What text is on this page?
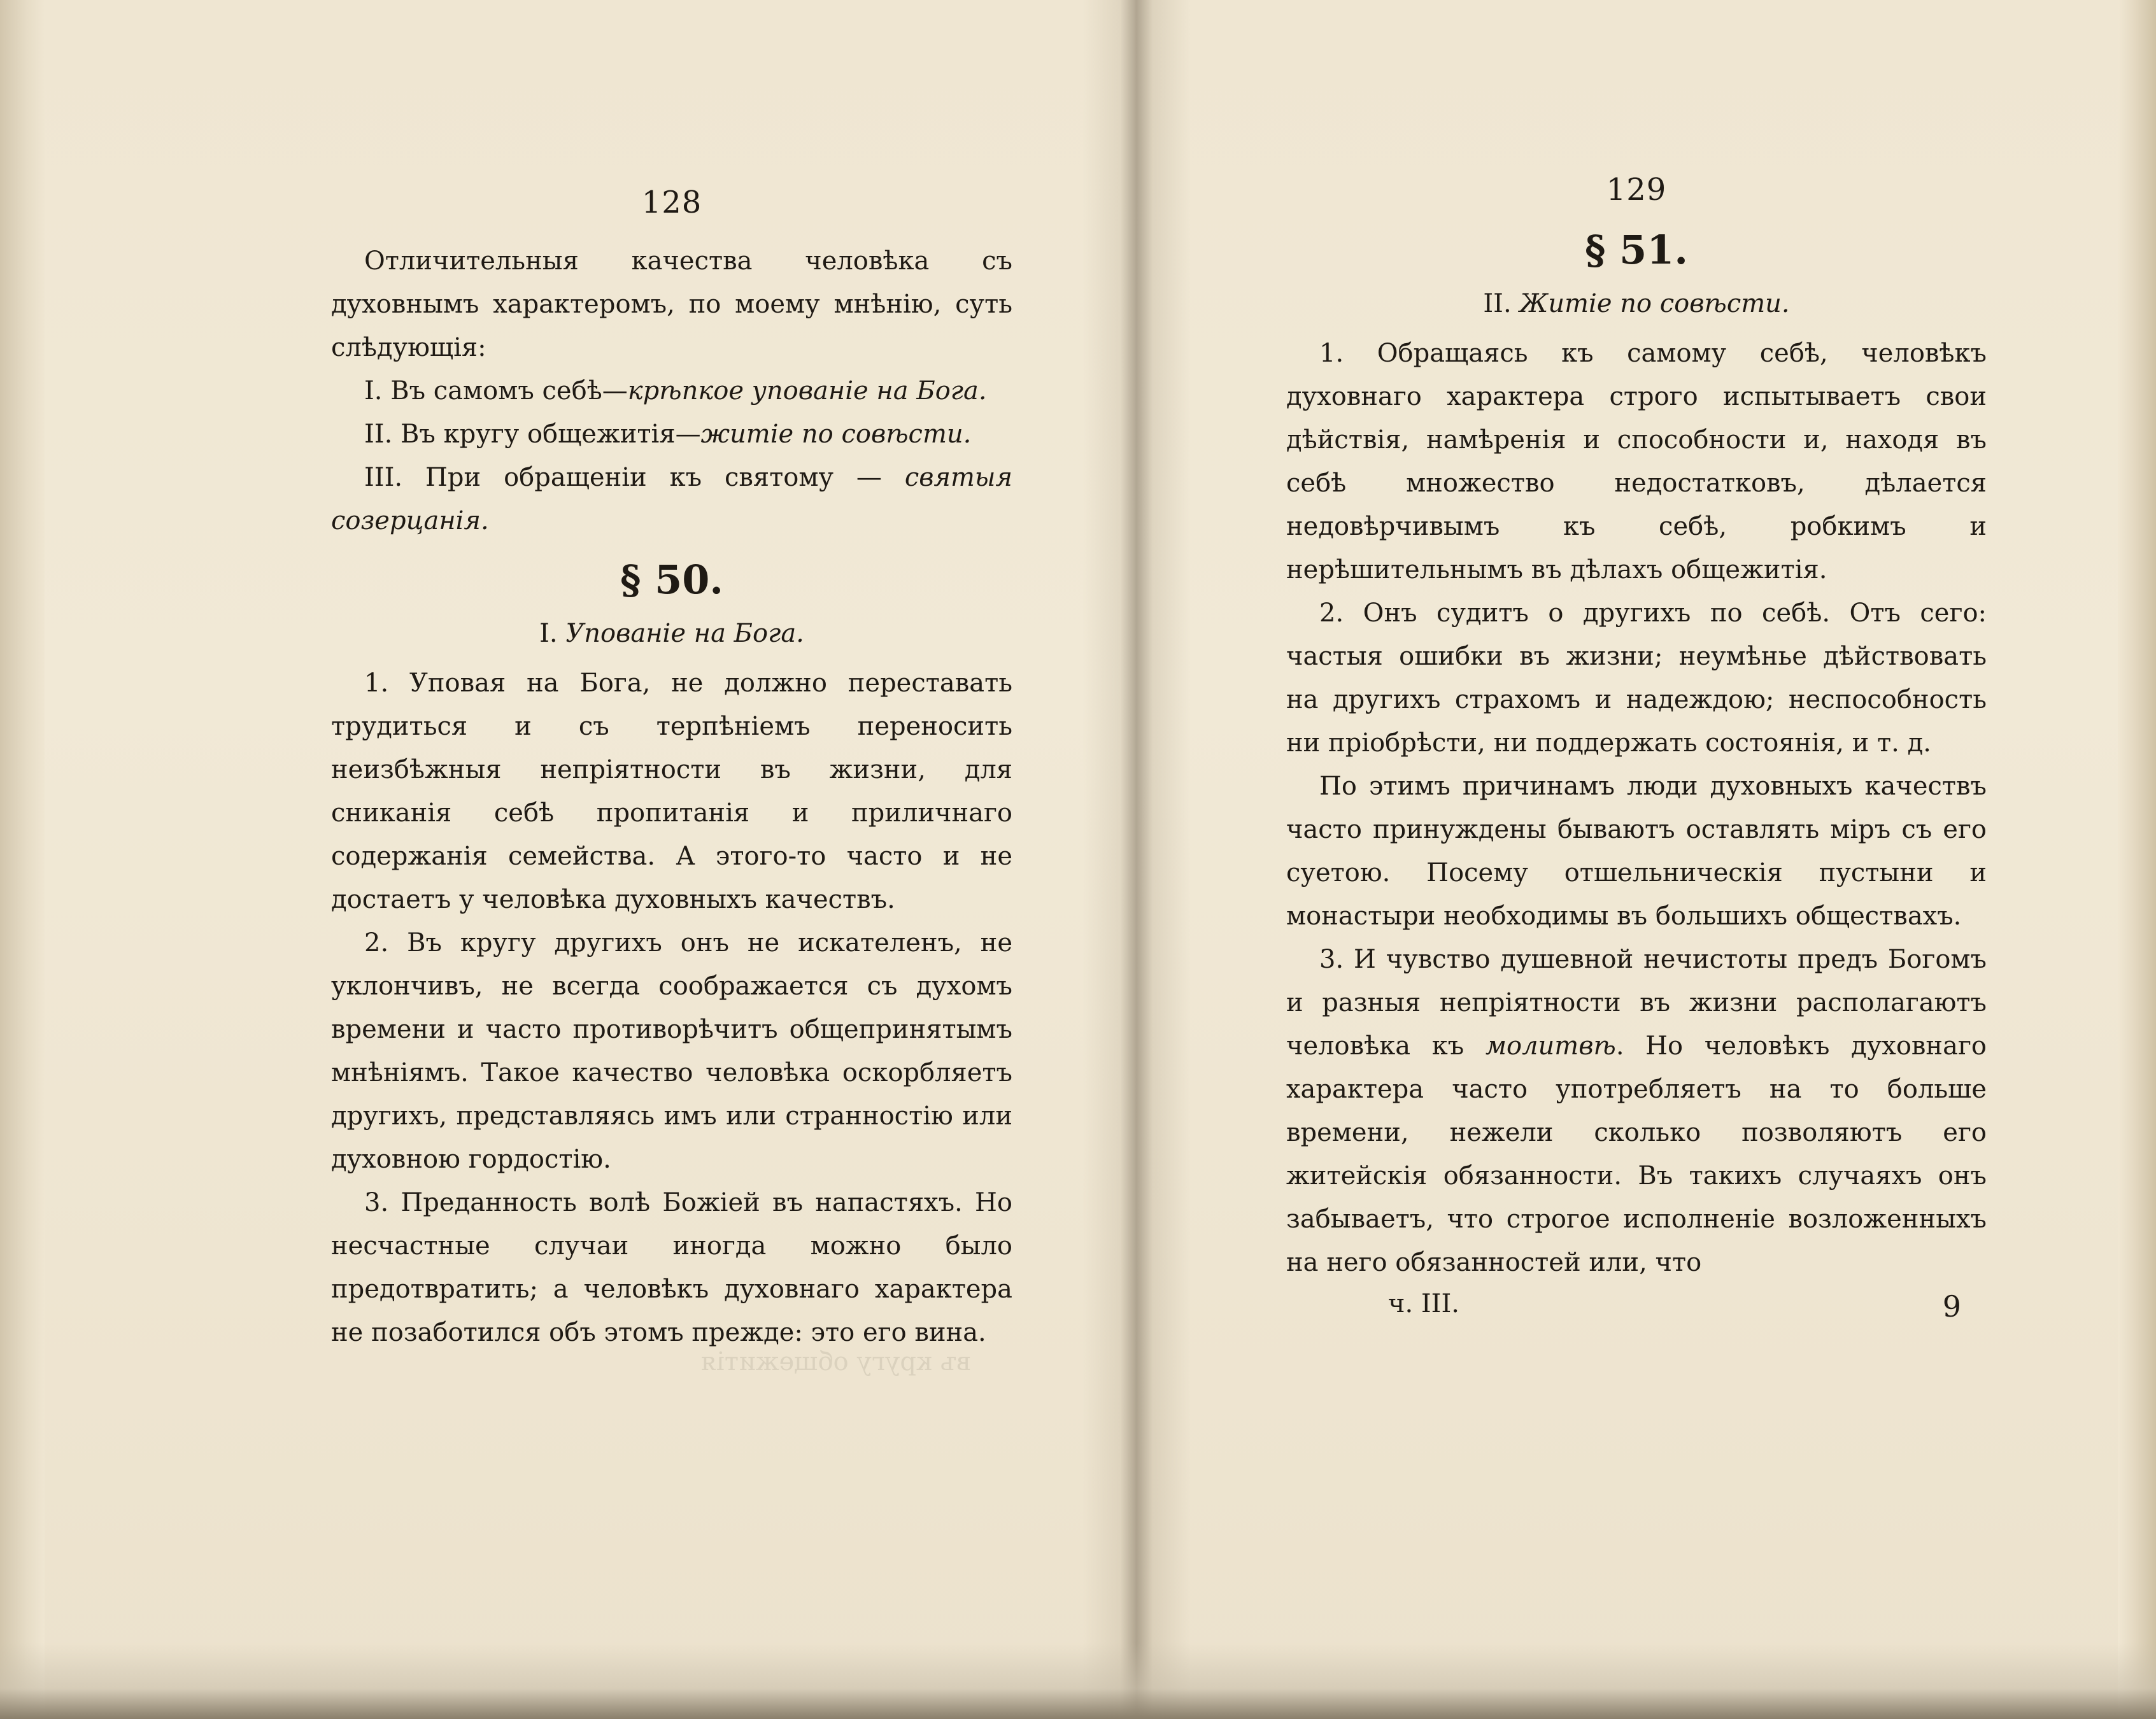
въ кругу общежитія
128

Отличительныя качества человѣка съ духовнымъ характеромъ, по моему мнѣнію, суть слѣдующія:

I. Въ самомъ себѣ—крѣпкое упованіе на Бога.

II. Въ кругу общежитія—житіе по совѣсти.

III. При обращеніи къ святому — святыя созерцанія.

§ 50.
I. Упованіе на Бога.

1. Уповая на Бога, не должно переставать трудиться и съ терпѣніемъ переносить неизбѣжныя непріятности въ жизни, для сниканія себѣ пропитанія и приличнаго содержанія семейства. А этого-то часто и не достаетъ у человѣка духовныхъ качествъ.

2. Въ кругу другихъ онъ не искателенъ, не уклончивъ, не всегда соображается съ духомъ времени и часто противорѣчитъ общепринятымъ мнѣніямъ. Такое качество человѣка оскорбляетъ другихъ, представляясь имъ или странностію или духовною гордостію.

3. Преданность волѣ Божіей въ напастяхъ. Но несчастные случаи иногда можно было предотвратить; а человѣкъ духовнаго характера не позаботился объ этомъ прежде: это его вина.

129
§ 51.
II. Житіе по совѣсти.

1. Обращаясь къ самому себѣ, человѣкъ духовнаго характера строго испытываетъ свои дѣйствія, намѣренія и способности и, находя въ себѣ множество недостатковъ, дѣлается недовѣрчивымъ къ себѣ, робкимъ и нерѣшительнымъ въ дѣлахъ общежитія.

2. Онъ судитъ о другихъ по себѣ. Отъ сего: частыя ошибки въ жизни; неумѣнье дѣйствовать на другихъ страхомъ и надеждою; неспособность ни пріобрѣсти, ни поддержать состоянія, и т. д.

По этимъ причинамъ люди духовныхъ качествъ часто принуждены бываютъ оставлять міръ съ его суетою. Посему отшельническія пустыни и монастыри необходимы въ большихъ обществахъ.

3. И чувство душевной нечистоты предъ Богомъ и разныя непріятности въ жизни располагаютъ человѣка къ молитвѣ. Но человѣкъ духовнаго характера часто употребляетъ на то больше времени, нежели сколько позволяютъ его житейскія обязанности. Въ такихъ случаяхъ онъ забываетъ, что строгое исполненіе возложенныхъ на него обязанностей или, что

ч. III.	9
